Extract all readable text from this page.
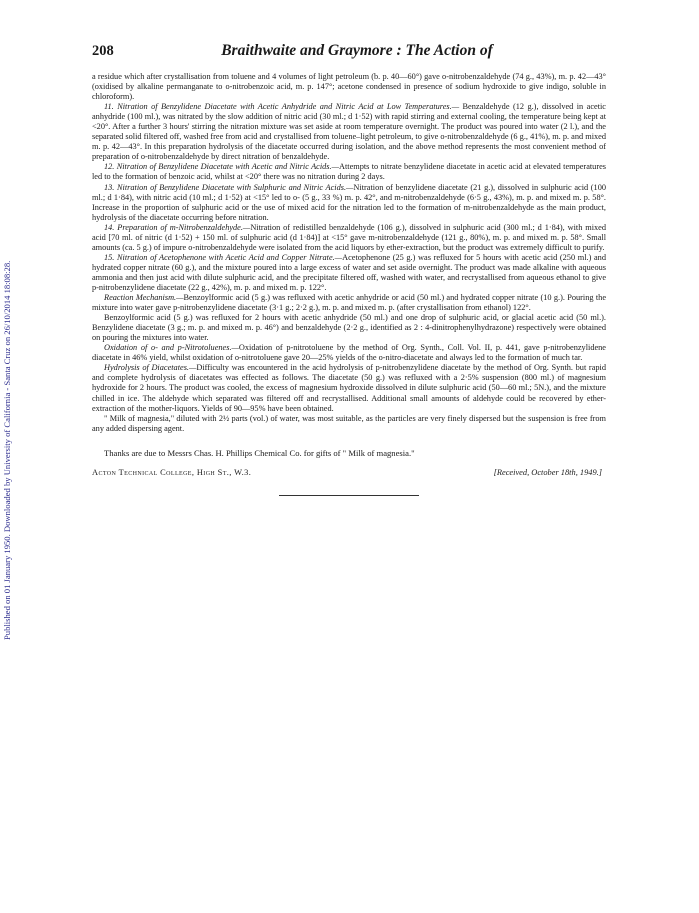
Published on 01 January 1950. Downloaded by University of California - Santa Cruz on 26/10/2014 18:08:28.
208	Braithwaite and Graymore : The Action of

a residue which after crystallisation from toluene and 4 volumes of light petroleum (b. p. 40—60°) gave o-nitrobenzaldehyde (74 g., 43%), m. p. 42—43° (oxidised by alkaline permanganate to o-nitrobenzoic acid, m. p. 147°; acetone condensed in presence of sodium hydroxide to give indigo, soluble in chloroform).

11. Nitration of Benzylidene Diacetate with Acetic Anhydride and Nitric Acid at Low Temperatures.— Benzaldehyde (12 g.), dissolved in acetic anhydride (100 ml.), was nitrated by the slow addition of nitric acid (30 ml.; d 1·52) with rapid stirring and external cooling, the temperature being kept at <20°. After a further 3 hours' stirring the nitration mixture was set aside at room temperature overnight. The product was poured into water (2 l.), and the separated solid filtered off, washed free from acid and crystallised from toluene–light petroleum, to give o-nitrobenzaldehyde (6 g., 41%), m. p. and mixed m. p. 42—43°. In this preparation hydrolysis of the diacetate occurred during isolation, and the above method represents the most convenient method of preparation of o-nitrobenzaldehyde by direct nitration of benzaldehyde.

12. Nitration of Benzylidene Diacetate with Acetic and Nitric Acids.—Attempts to nitrate benzylidene diacetate in acetic acid at elevated temperatures led to the formation of benzoic acid, whilst at <20° there was no nitration during 2 days.

13. Nitration of Benzylidene Diacetate with Sulphuric and Nitric Acids.—Nitration of benzylidene diacetate (21 g.), dissolved in sulphuric acid (100 ml.; d 1·84), with nitric acid (10 ml.; d 1·52) at <15° led to o- (5 g., 33 %) m. p. 42°, and m-nitrobenzaldehyde (6·5 g., 43%), m. p. and mixed m. p. 58°. Increase in the proportion of sulphuric acid or the use of mixed acid for the nitration led to the formation of m-nitrobenzaldehyde as the main product, hydrolysis of the diacetate occurring before nitration.

14. Preparation of m-Nitrobenzaldehyde.—Nitration of redistilled benzaldehyde (106 g.), dissolved in sulphuric acid (300 ml.; d 1·84), with mixed acid [70 ml. of nitric (d 1·52) + 150 ml. of sulphuric acid (d 1·84)] at <15° gave m-nitrobenzaldehyde (121 g., 80%), m. p. and mixed m. p. 58°. Small amounts (ca. 5 g.) of impure o-nitrobenzaldehyde were isolated from the acid liquors by ether-extraction, but the product was extremely difficult to purify.

15. Nitration of Acetophenone with Acetic Acid and Copper Nitrate.—Acetophenone (25 g.) was refluxed for 5 hours with acetic acid (250 ml.) and hydrated copper nitrate (60 g.), and the mixture poured into a large excess of water and set aside overnight. The product was made alkaline with aqueous ammonia and then just acid with dilute sulphuric acid, and the precipitate filtered off, washed with water, and recrystallised from aqueous ethanol to give p-nitrobenzylidene diacetate (22 g., 42%), m. p. and mixed m. p. 122°.

Reaction Mechanism.—Benzoylformic acid (5 g.) was refluxed with acetic anhydride or acid (50 ml.) and hydrated copper nitrate (10 g.). Pouring the mixture into water gave p-nitrobenzylidene diacetate (3·1 g.; 2·2 g.), m. p. and mixed m. p. (after crystallisation from ethanol) 122°.

Benzoylformic acid (5 g.) was refluxed for 2 hours with acetic anhydride (50 ml.) and one drop of sulphuric acid, or glacial acetic acid (50 ml.). Benzylidene diacetate (3 g.; m. p. and mixed m. p. 46°) and benzaldehyde (2·2 g., identified as 2 : 4-dinitrophenylhydrazone) respectively were obtained on pouring the mixtures into water.

Oxidation of o- and p-Nitrotoluenes.—Oxidation of p-nitrotoluene by the method of Org. Synth., Coll. Vol. II, p. 441, gave p-nitrobenzylidene diacetate in 46% yield, whilst oxidation of o-nitrotoluene gave 20—25% yields of the o-nitro-diacetate and always led to the formation of much tar.

Hydrolysis of Diacetates.—Difficulty was encountered in the acid hydrolysis of p-nitrobenzylidene diacetate by the method of Org. Synth. but rapid and complete hydrolysis of diacetates was effected as follows. The diacetate (50 g.) was refluxed with a 2·5% suspension (800 ml.) of magnesium hydroxide for 2 hours. The product was cooled, the excess of magnesium hydroxide dissolved in dilute sulphuric acid (50—60 ml.; 5N.), and the mixture chilled in ice. The aldehyde which separated was filtered off and recrystallised. Additional small amounts of aldehyde could be recovered by ether-extraction of the mother-liquors. Yields of 90—95% have been obtained.

" Milk of magnesia," diluted with 2½ parts (vol.) of water, was most suitable, as the particles are very finely dispersed but the suspension is free from any added dispersing agent.

Thanks are due to Messrs Chas. H. Phillips Chemical Co. for gifts of " Milk of magnesia."
Acton Technical College, High St., W.3.	[Received, October 18th, 1949.]
